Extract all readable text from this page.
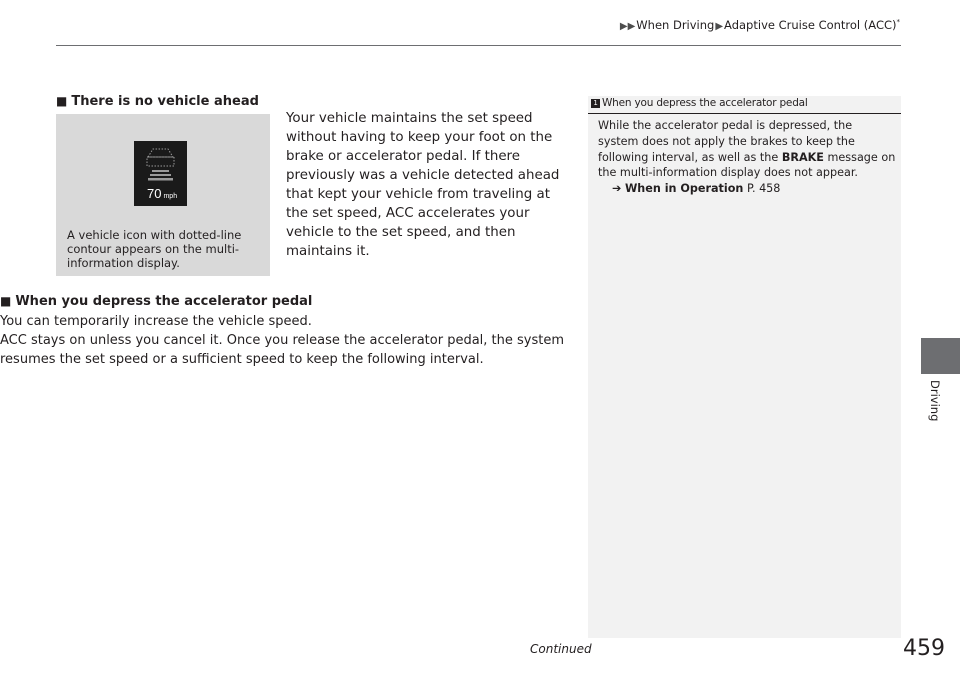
▶▶When Driving▶Adaptive Cruise Control (ACC)*
Driving
■ There is no vehicle ahead
70 mph
A vehicle icon with dotted-line contour appears on the multi-information display.
Your vehicle maintains the set speed without having to keep your foot on the brake or accelerator pedal. If there previously was a vehicle detected ahead that kept your vehicle from traveling at the set speed, ACC accelerates your vehicle to the set speed, and then maintains it.
■ When you depress the accelerator pedal

You can temporarily increase the vehicle speed.

ACC stays on unless you cancel it. Once you release the accelerator pedal, the system resumes the set speed or a sufficient speed to keep the following interval.

1 When you depress the accelerator pedal
While the accelerator pedal is depressed, the system does not apply the brakes to keep the following interval, as well as the BRAKE message on the multi-information display does not appear.
➔ When in Operation P. 458
Continued	459
